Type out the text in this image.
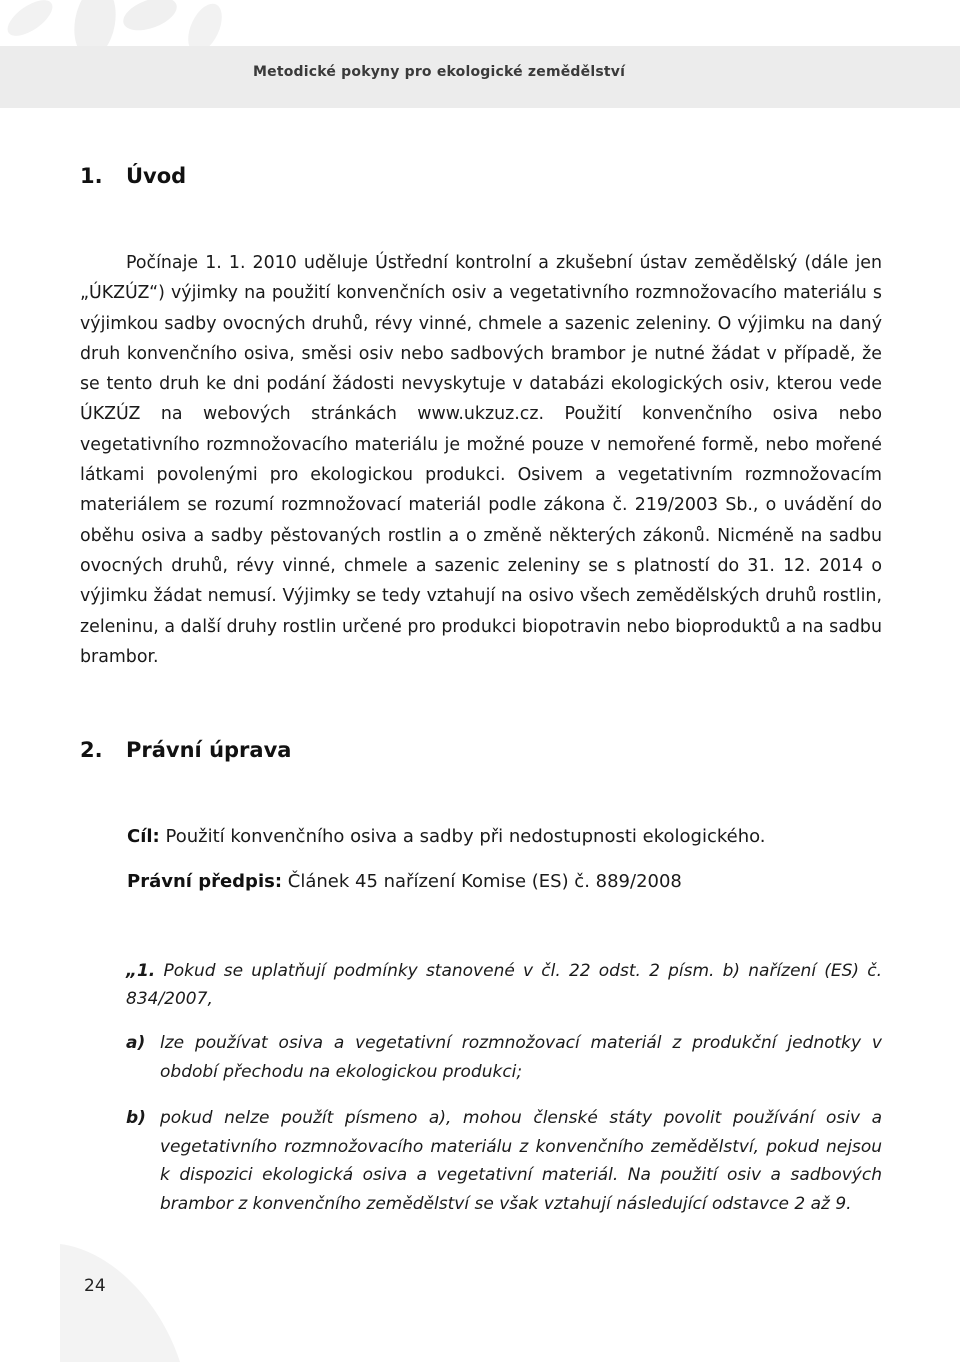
Metodické pokyny pro ekologické zemědělství
1. Úvod

Počínaje 1. 1. 2010 uděluje Ústřední kontrolní a zkušební ústav zemědělský (dále jen „ÚKZÚZ“) výjimky na použití konvenčních osiv a vegetativního rozmnožovacího materiálu s výjimkou sadby ovocných druhů, révy vinné, chmele a sazenic zeleniny. O výjimku na daný druh konvenčního osiva, směsi osiv nebo sadbových brambor je nutné žádat v případě, že se tento druh ke dni podání žádosti nevyskytuje v databázi ekologických osiv, kterou vede ÚKZÚZ na webových stránkách www.ukzuz.cz. Použití konvenčního osiva nebo vegetativního rozmnožovacího materiálu je možné pouze v nemořené formě, nebo mořené látkami povolenými pro ekologickou produkci. Osivem a vegetativním rozmnožovacím materiálem se rozumí rozmnožovací materiál podle zákona č. 219/2003 Sb., o uvádění do oběhu osiva a sadby pěstovaných rostlin a o změně některých zákonů. Nicméně na sadbu ovocných druhů, révy vinné, chmele a sazenic zeleniny se s platností do 31. 12. 2014 o výjimku žádat nemusí. Výjimky se tedy vztahují na osivo všech zemědělských druhů rostlin, zeleninu, a další druhy rostlin určené pro produkci biopotravin nebo bioproduktů a na sadbu brambor.

2. Právní úprava
Cíl: Použití konvenčního osiva a sadby při nedostupnosti ekologického.
Právní předpis: Článek 45 nařízení Komise (ES) č. 889/2008

„1. Pokud se uplatňují podmínky stanovené v čl. 22 odst. 2 písm. b) nařízení (ES) č. 834/2007,

a) lze používat osiva a vegetativní rozmnožovací materiál z produkční jednotky v období přechodu na ekologickou produkci;
b) pokud nelze použít písmeno a), mohou členské státy povolit používání osiv a vegetativního rozmnožovacího materiálu z konvenčního zemědělství, pokud nejsou k dispozici ekologická osiva a vegetativní materiál. Na použití osiv a sadbových brambor z konvenčního zemědělství se však vztahují následující odstavce 2 až 9.
24
